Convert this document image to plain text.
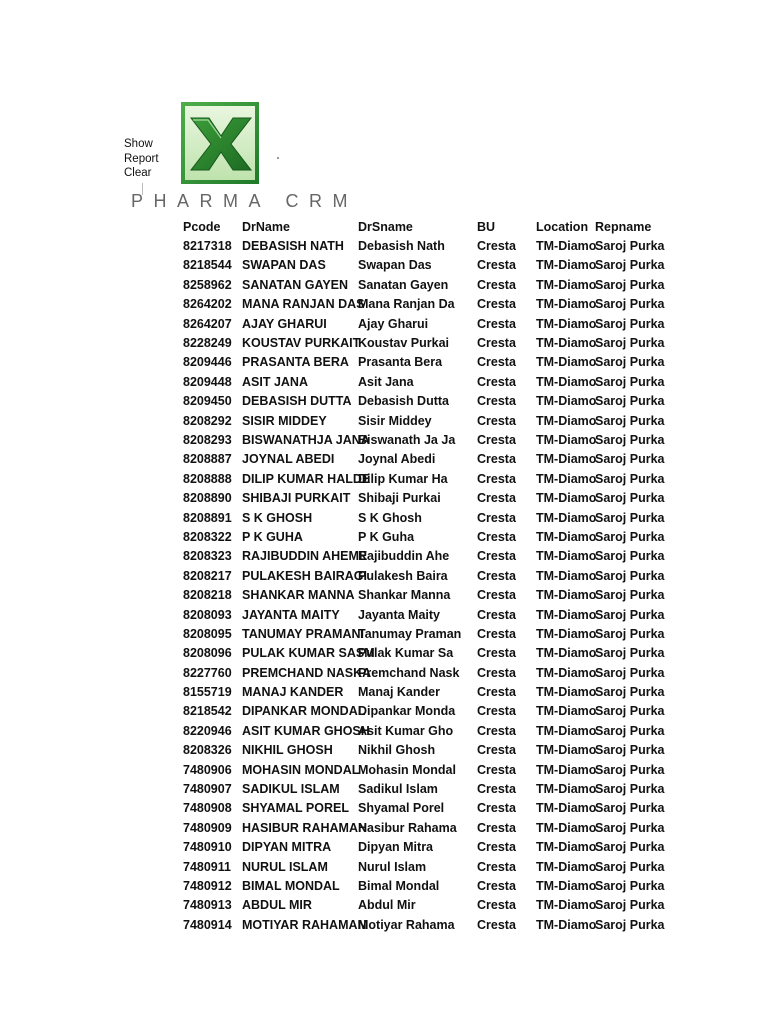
Show
Report
Clear
PHARMA CRM
Pcode	DrName	DrSname	BU	Location	Repname
8217318	DEBASISH NATH	Debasish Nath	Cresta	TM-Diamo	Saroj Purka
8218544	SWAPAN DAS	Swapan Das	Cresta	TM-Diamo	Saroj Purka
8258962	SANATAN GAYEN	Sanatan Gayen	Cresta	TM-Diamo	Saroj Purka
8264202	MANA RANJAN DAS	Mana Ranjan Da	Cresta	TM-Diamo	Saroj Purka
8264207	AJAY GHARUI	Ajay Gharui	Cresta	TM-Diamo	Saroj Purka
8228249	KOUSTAV PURKAIT	Koustav Purkai	Cresta	TM-Diamo	Saroj Purka
8209446	PRASANTA BERA	Prasanta Bera	Cresta	TM-Diamo	Saroj Purka
8209448	ASIT JANA	Asit Jana	Cresta	TM-Diamo	Saroj Purka
8209450	DEBASISH DUTTA	Debasish Dutta	Cresta	TM-Diamo	Saroj Purka
8208292	SISIR MIDDEY	Sisir Middey	Cresta	TM-Diamo	Saroj Purka
8208293	BISWANATHJA JANA	Biswanath Ja Ja	Cresta	TM-Diamo	Saroj Purka
8208887	JOYNAL ABEDI	Joynal Abedi	Cresta	TM-Diamo	Saroj Purka
8208888	DILIP KUMAR HALDE	Dilip Kumar Ha	Cresta	TM-Diamo	Saroj Purka
8208890	SHIBAJI PURKAIT	Shibaji Purkai	Cresta	TM-Diamo	Saroj Purka
8208891	S K GHOSH	S K Ghosh	Cresta	TM-Diamo	Saroj Purka
8208322	P K GUHA	P K Guha	Cresta	TM-Diamo	Saroj Purka
8208323	RAJIBUDDIN AHEME	Rajibuddin Ahe	Cresta	TM-Diamo	Saroj Purka
8208217	PULAKESH BAIRAGI	Pulakesh Baira	Cresta	TM-Diamo	Saroj Purka
8208218	SHANKAR MANNA	Shankar Manna	Cresta	TM-Diamo	Saroj Purka
8208093	JAYANTA MAITY	Jayanta Maity	Cresta	TM-Diamo	Saroj Purka
8208095	TANUMAY PRAMANI	Tanumay Praman	Cresta	TM-Diamo	Saroj Purka
8208096	PULAK KUMAR SASM	Pulak Kumar Sa	Cresta	TM-Diamo	Saroj Purka
8227760	PREMCHAND NASKA	Premchand Nask	Cresta	TM-Diamo	Saroj Purka
8155719	MANAJ KANDER	Manaj Kander	Cresta	TM-Diamo	Saroj Purka
8218542	DIPANKAR MONDAL	Dipankar Monda	Cresta	TM-Diamo	Saroj Purka
8220946	ASIT KUMAR GHOSH	Asit Kumar Gho	Cresta	TM-Diamo	Saroj Purka
8208326	NIKHIL GHOSH	Nikhil Ghosh	Cresta	TM-Diamo	Saroj Purka
7480906	MOHASIN MONDAL	Mohasin Mondal	Cresta	TM-Diamo	Saroj Purka
7480907	SADIKUL ISLAM	Sadikul Islam	Cresta	TM-Diamo	Saroj Purka
7480908	SHYAMAL POREL	Shyamal Porel	Cresta	TM-Diamo	Saroj Purka
7480909	HASIBUR RAHAMAN	Hasibur Rahama	Cresta	TM-Diamo	Saroj Purka
7480910	DIPYAN MITRA	Dipyan Mitra	Cresta	TM-Diamo	Saroj Purka
7480911	NURUL ISLAM	Nurul Islam	Cresta	TM-Diamo	Saroj Purka
7480912	BIMAL MONDAL	Bimal Mondal	Cresta	TM-Diamo	Saroj Purka
7480913	ABDUL MIR	Abdul Mir	Cresta	TM-Diamo	Saroj Purka
7480914	MOTIYAR RAHAMAN	Motiyar Rahama	Cresta	TM-Diamo	Saroj Purka
